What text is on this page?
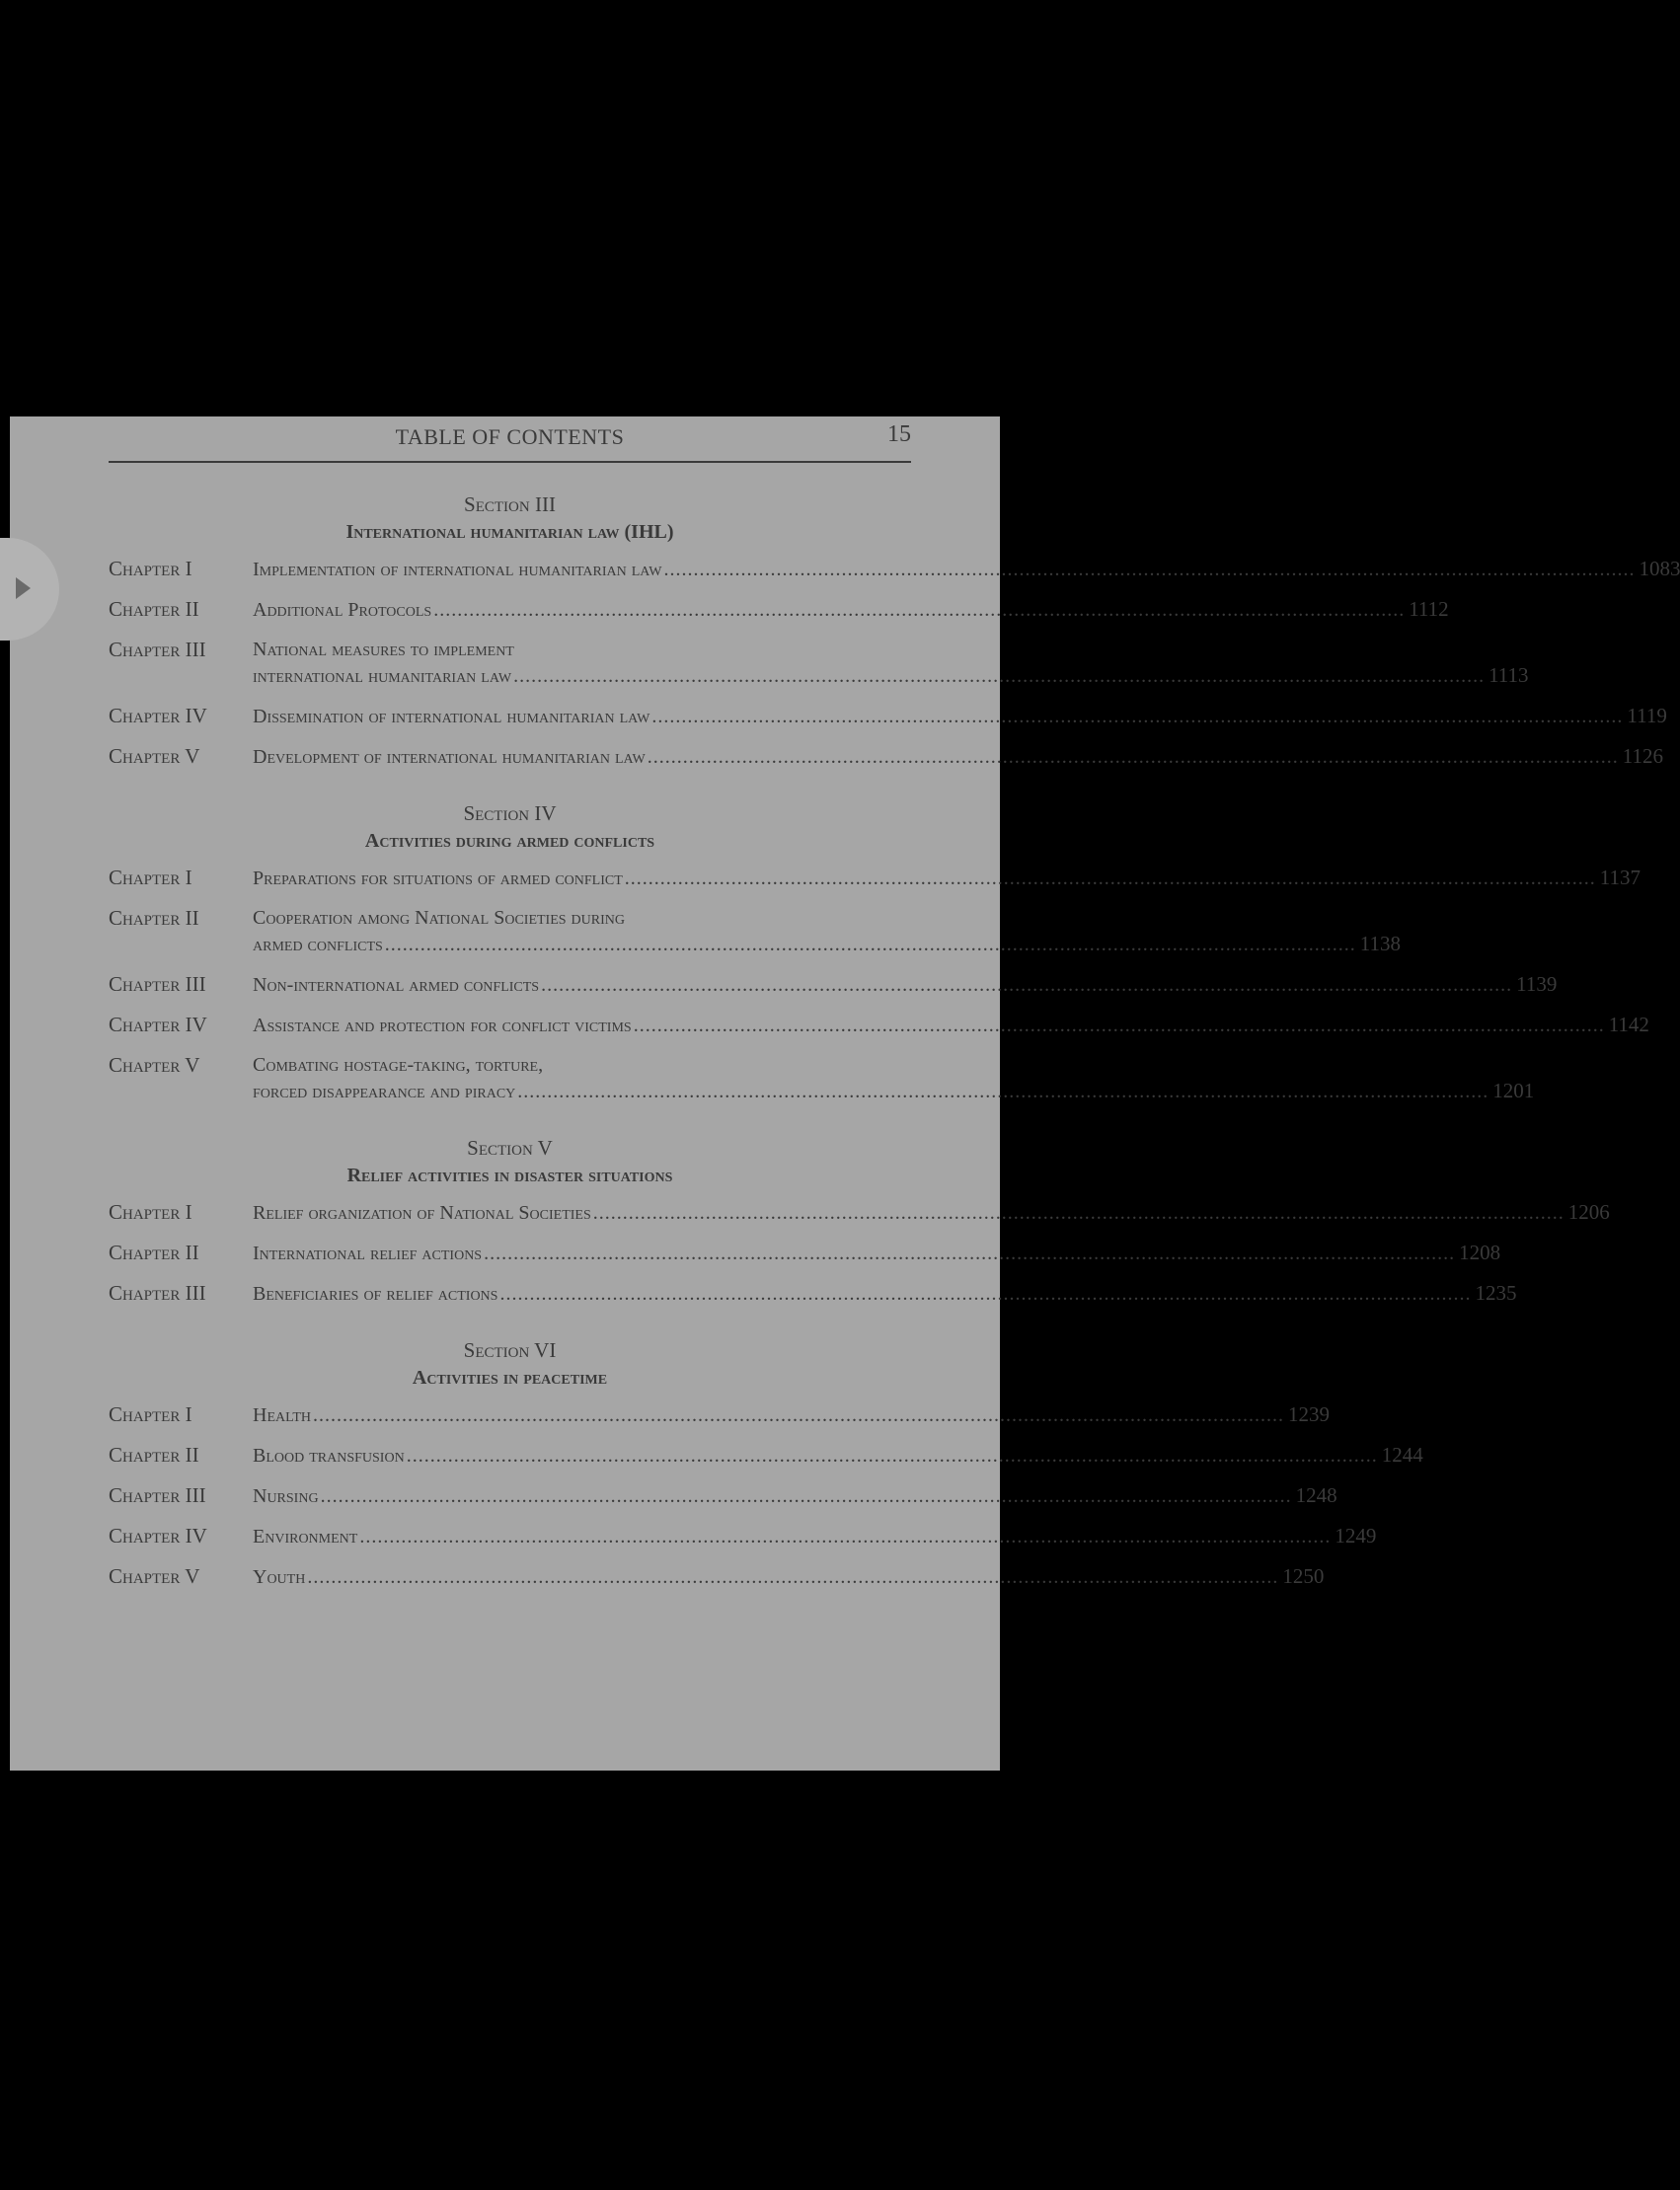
TABLE OF CONTENTS	15
Section III
International humanitarian law (IHL)
Chapter I	Implementation of international humanitarian law .....	1083
Chapter II	Additional Protocols .....	1112
Chapter III	National measures to implement
international humanitarian law .....	1113
Chapter IV	Dissemination of international humanitarian law .....	1119
Chapter V	Development of international humanitarian law .....	1126
Section IV
Activities during armed conflicts
Chapter I	Preparations for situations of armed conflict .....	1137
Chapter II	Cooperation among National Societies during
armed conflicts .....	1138
Chapter III	Non-international armed conflicts .....	1139
Chapter IV	Assistance and protection for conflict victims .....	1142
Chapter V	Combating hostage-taking, torture,
forced disappearance and piracy .....	1201
Section V
Relief activities in disaster situations
Chapter I	Relief organization of National Societies .....	1206
Chapter II	International relief actions .....	1208
Chapter III	Beneficiaries of relief actions .....	1235
Section VI
Activities in peacetime
Chapter I	Health .....	1239
Chapter II	Blood transfusion .....	1244
Chapter III	Nursing .....	1248
Chapter IV	Environment .....	1249
Chapter V	Youth .....	1250
